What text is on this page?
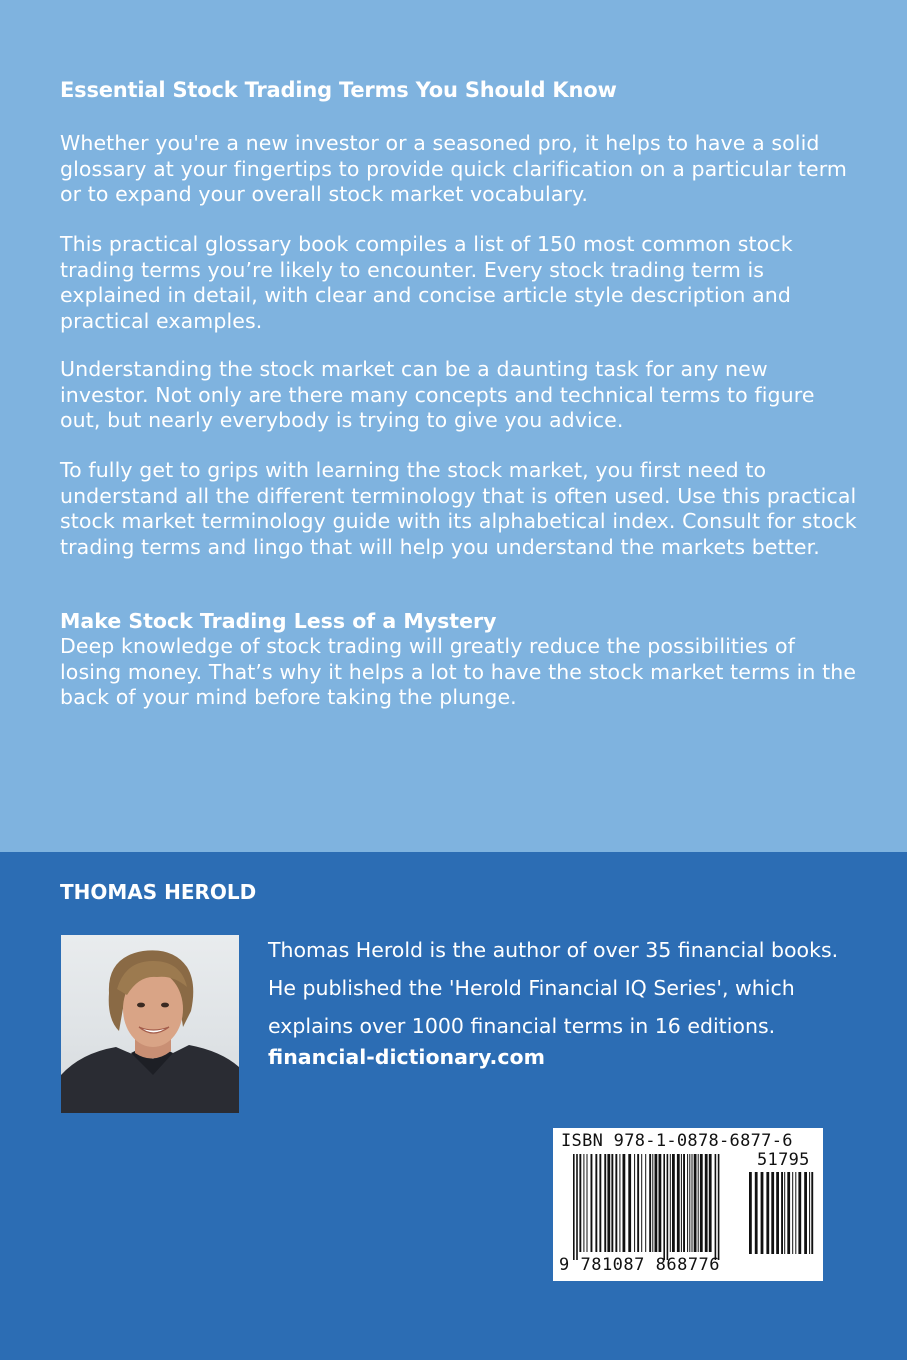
Essential Stock Trading Terms You Should Know
Whether you're a new investor or a seasoned pro, it helps to have a solid glossary at your fingertips to provide quick clarification on a particular term or to expand your overall stock market vocabulary.
This practical glossary book compiles a list of 150 most common stock trading terms you’re likely to encounter. Every stock trading term is explained in detail, with clear and concise article style description and practical examples.
Understanding the stock market can be a daunting task for any new investor. Not only are there many concepts and technical terms to figure out, but nearly everybody is trying to give you advice.
To fully get to grips with learning the stock market, you first need to understand all the different terminology that is often used. Use this practical stock market terminology guide with its alphabetical index. Consult for stock trading terms and lingo that will help you understand the markets better.
Make Stock Trading Less of a Mystery
Deep knowledge of stock trading will greatly reduce the possibilities of losing money. That’s why it helps a lot to have the stock market terms in the back of your mind before taking the plunge.
THOMAS HEROLD
Thomas Herold is the author of over 35 financial books. He published the 'Herold Financial IQ Series', which explains over 1000 financial terms in 16 editions.
financial-dictionary.com
ISBN 978-1-0878-6877-6
51795
9 781087 868776
